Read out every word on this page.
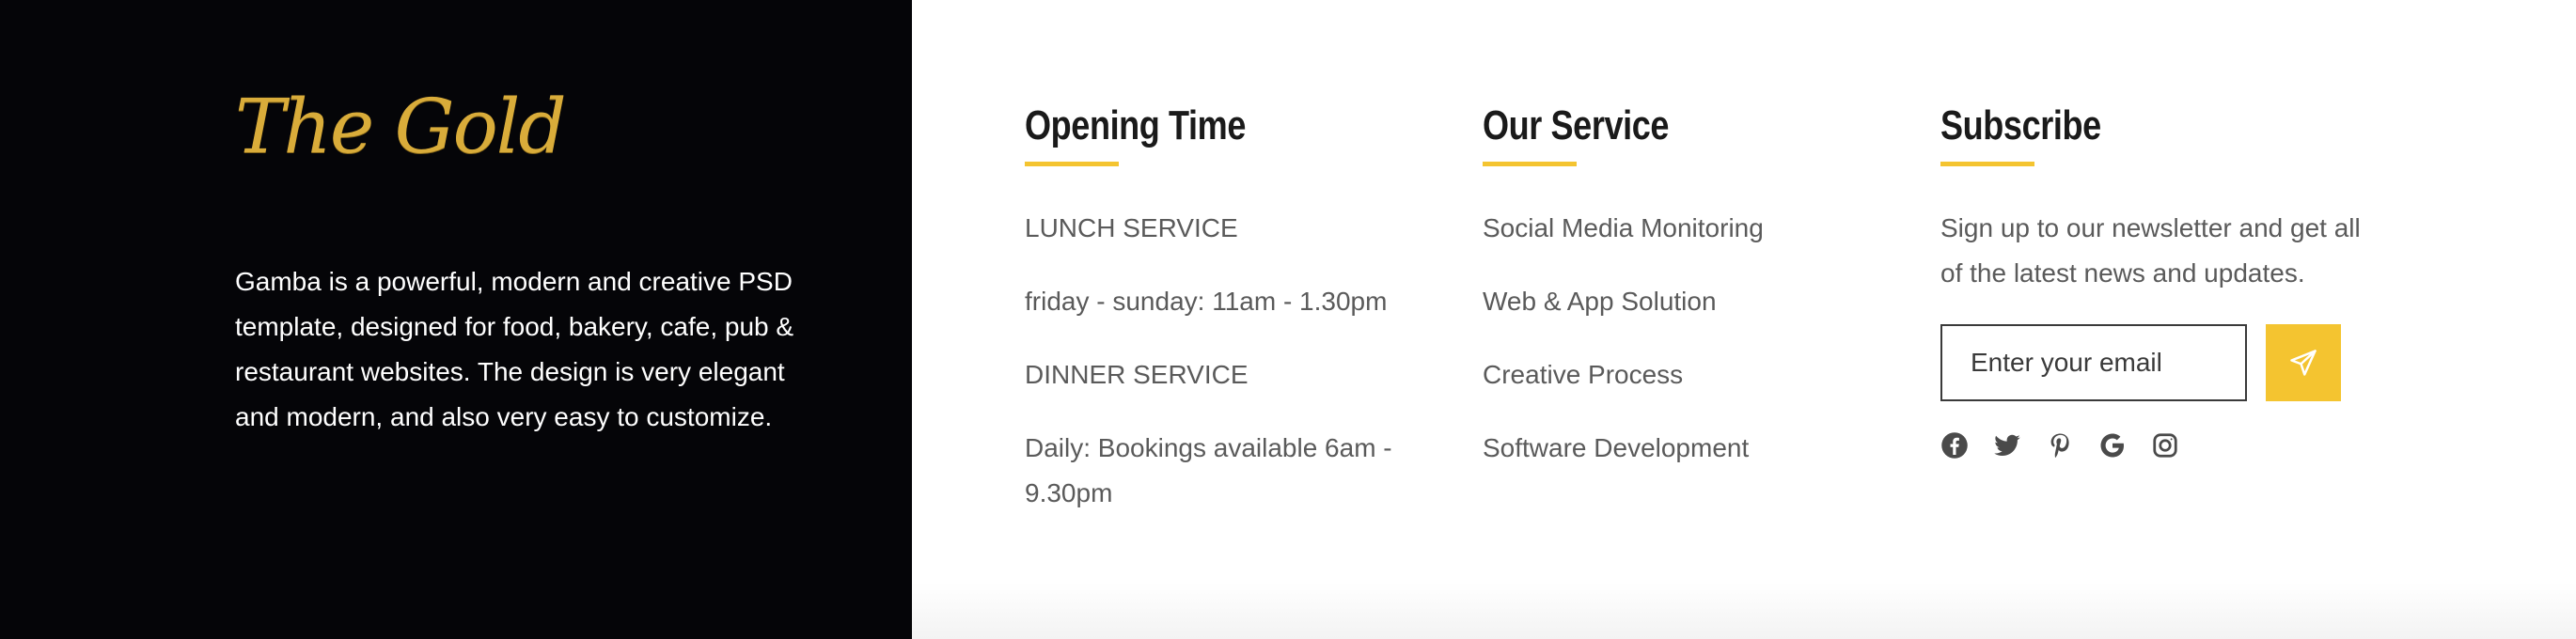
The Gold

Gamba is a powerful, modern and creative PSD template, designed for food, bakery, cafe, pub & restaurant websites. The design is very elegant and modern, and also very easy to customize.

Opening Time
LUNCH SERVICE
friday - sunday: 11am - 1.30pm
DINNER SERVICE
Daily: Bookings available 6am - 9.30pm
Our Service
Social Media Monitoring
Web & App Solution
Creative Process
Software Development
Subscribe

Sign up to our newsletter and get all of the latest news and updates.

Enter your email
